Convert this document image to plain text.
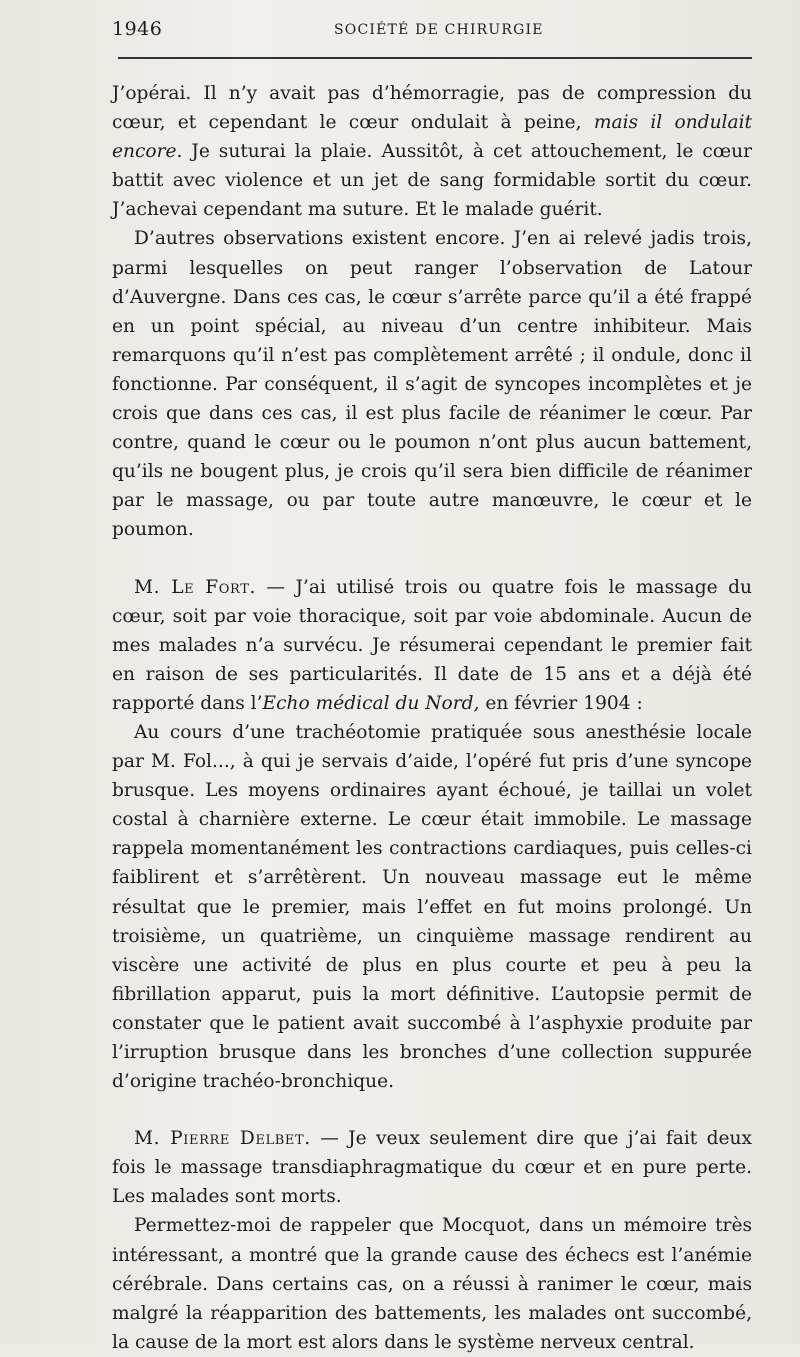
1946	SOCIÉTÉ DE CHIRURGIE

J’opérai. Il n’y avait pas d’hémorragie, pas de compression du cœur, et cependant le cœur ondulait à peine, mais il ondulait encore. Je suturai la plaie. Aussitôt, à cet attouchement, le cœur battit avec violence et un jet de sang formidable sortit du cœur. J’achevai cependant ma suture. Et le malade guérit.

D’autres observations existent encore. J’en ai relevé jadis trois, parmi lesquelles on peut ranger l’observation de Latour d’Auvergne. Dans ces cas, le cœur s’arrête parce qu’il a été frappé en un point spécial, au niveau d’un centre inhibiteur. Mais remarquons qu’il n’est pas complètement arrêté ; il ondule, donc il fonctionne. Par conséquent, il s’agit de syncopes incomplètes et je crois que dans ces cas, il est plus facile de réanimer le cœur. Par contre, quand le cœur ou le poumon n’ont plus aucun battement, qu’ils ne bougent plus, je crois qu’il sera bien difficile de réanimer par le massage, ou par toute autre manœuvre, le cœur et le poumon.

M. Le Fort. — J’ai utilisé trois ou quatre fois le massage du cœur, soit par voie thoracique, soit par voie abdominale. Aucun de mes malades n’a survécu. Je résumerai cependant le premier fait en raison de ses particularités. Il date de 15 ans et a déjà été rapporté dans l’Echo médical du Nord, en février 1904 :

Au cours d’une trachéotomie pratiquée sous anesthésie locale par M. Fol..., à qui je servais d’aide, l’opéré fut pris d’une syncope brusque. Les moyens ordinaires ayant échoué, je taillai un volet costal à charnière externe. Le cœur était immobile. Le massage rappela momentanément les contractions cardiaques, puis celles-ci faiblirent et s’arrêtèrent. Un nouveau massage eut le même résultat que le premier, mais l’effet en fut moins prolongé. Un troisième, un quatrième, un cinquième massage rendirent au viscère une activité de plus en plus courte et peu à peu la fibrillation apparut, puis la mort définitive. L’autopsie permit de constater que le patient avait succombé à l’asphyxie produite par l’irruption brusque dans les bronches d’une collection suppurée d’origine trachéo-bronchique.

M. Pierre Delbet. — Je veux seulement dire que j’ai fait deux fois le massage transdiaphragmatique du cœur et en pure perte. Les malades sont morts.

Permettez-moi de rappeler que Mocquot, dans un mémoire très intéressant, a montré que la grande cause des échecs est l’anémie cérébrale. Dans certains cas, on a réussi à ranimer le cœur, mais malgré la réapparition des battements, les malades ont succombé, la cause de la mort est alors dans le système nerveux central.
